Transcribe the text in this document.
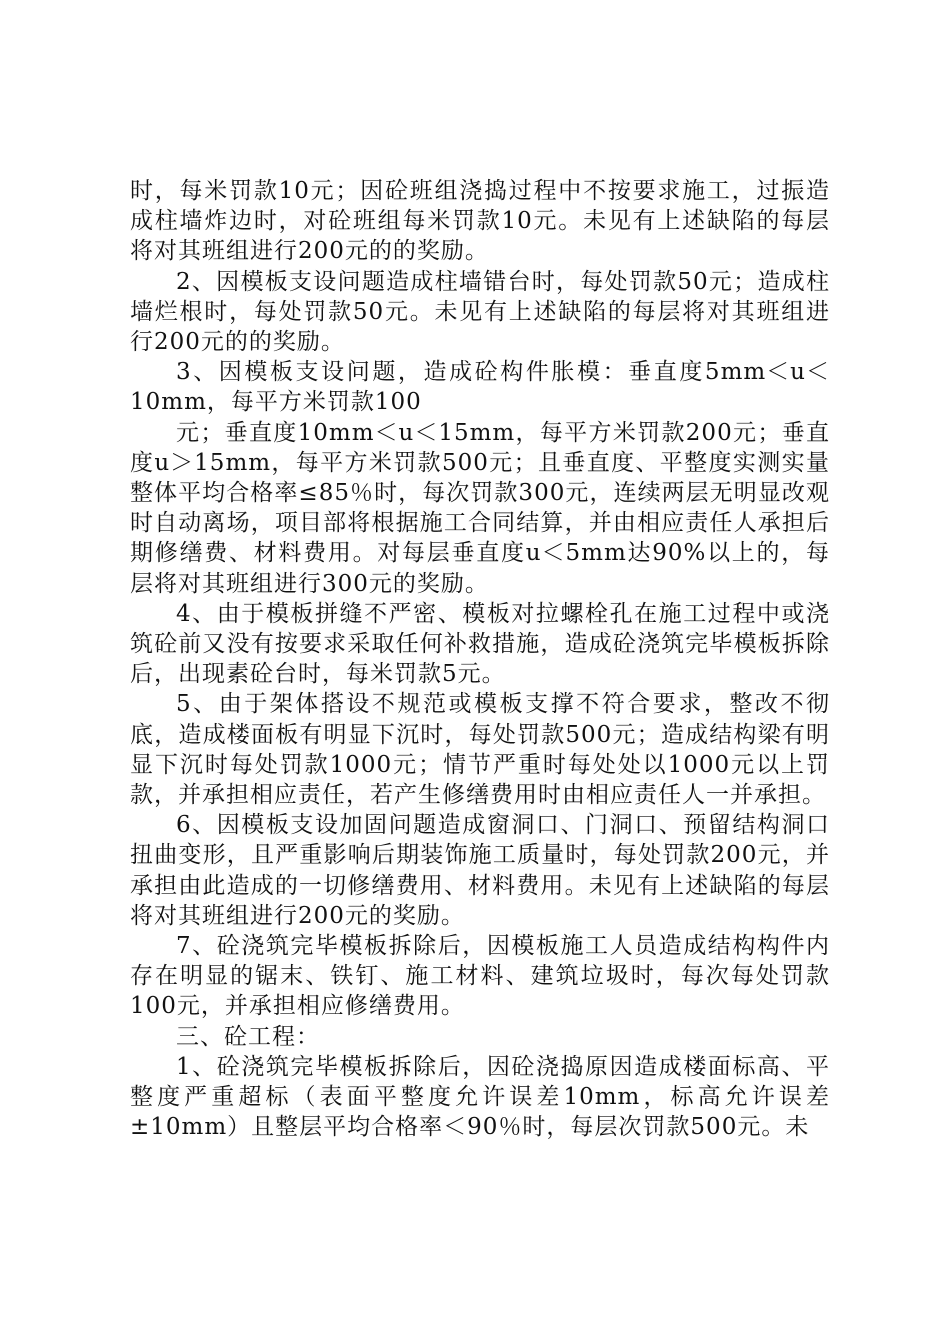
时，每米罚款10元；因砼班组浇捣过程中不按要求施工，过振造成柱墙炸边时，对砼班组每米罚款10元。未见有上述缺陷的每层将对其班组进行200元的的奖励。

2、因模板支设问题造成柱墙错台时，每处罚款50元；造成柱墙烂根时，每处罚款50元。未见有上述缺陷的每层将对其班组进行200元的的奖励。

3、因模板支设问题，造成砼构件胀模：垂直度5mm＜u＜10mm，每平方米罚款100

元；垂直度10mm＜u＜15mm，每平方米罚款200元；垂直度u＞15mm，每平方米罚款500元；且垂直度、平整度实测实量整体平均合格率≤85％时，每次罚款300元，连续两层无明显改观时自动离场，项目部将根据施工合同结算，并由相应责任人承担后期修缮费、材料费用。对每层垂直度u＜5mm达90%以上的，每层将对其班组进行300元的奖励。

4、由于模板拼缝不严密、模板对拉螺栓孔在施工过程中或浇筑砼前又没有按要求采取任何补救措施，造成砼浇筑完毕模板拆除后，出现素砼台时，每米罚款5元。

5、由于架体搭设不规范或模板支撑不符合要求，整改不彻底，造成楼面板有明显下沉时，每处罚款500元；造成结构梁有明显下沉时每处罚款1000元；情节严重时每处处以1000元以上罚款，并承担相应责任，若产生修缮费用时由相应责任人一并承担。

6、因模板支设加固问题造成窗洞口、门洞口、预留结构洞口扭曲变形，且严重影响后期装饰施工质量时，每处罚款200元，并承担由此造成的一切修缮费用、材料费用。未见有上述缺陷的每层将对其班组进行200元的奖励。

7、砼浇筑完毕模板拆除后，因模板施工人员造成结构构件内存在明显的锯末、铁钉、施工材料、建筑垃圾时，每次每处罚款100元，并承担相应修缮费用。

三、砼工程：

1、砼浇筑完毕模板拆除后，因砼浇捣原因造成楼面标高、平整度严重超标（表面平整度允许误差10mm，标高允许误差±10mm）且整层平均合格率＜90％时，每层次罚款500元。未
